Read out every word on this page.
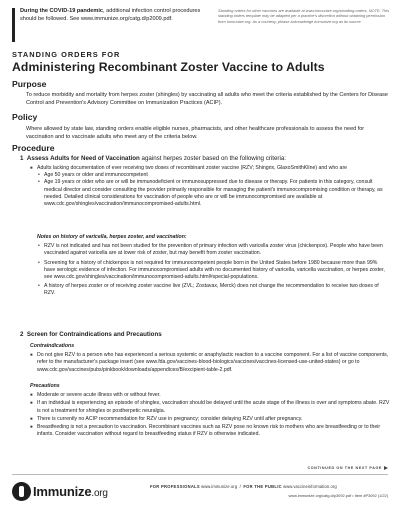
During the COVID-19 pandemic, additional infection control procedures should be followed. See www.immunize.org/catg.d/p2009.pdf.
Standing orders for other vaccines are available at www.immunize.org/standing-orders. NOTE: This standing orders template may be adapted per a practice's discretion without obtaining permission from Immunize.org. As a courtesy, please acknowledge Immunize.org as its source.
STANDING ORDERS FOR
Administering Recombinant Zoster Vaccine to Adults
Purpose
To reduce morbidity and mortality from herpes zoster (shingles) by vaccinating all adults who meet the criteria established by the Centers for Disease Control and Prevention's Advisory Committee on Immunization Practices (ACIP).
Policy
Where allowed by state law, standing orders enable eligible nurses, pharmacists, and other healthcare professionals to assess the need for vaccination and to vaccinate adults who meet any of the criteria below.
Procedure
1 Assess Adults for Need of Vaccination against herpes zoster based on the following criteria:
■ Adults lacking documentation of ever receiving two doses of recombinant zoster vaccine (RZV; Shingrix, GlaxoSmithKline) and who are
• Age 50 years or older and immunocompetent
• Age 19 years or older who are or will be immunodeficient or immunosuppressed due to disease or therapy. For patients in this category, consult medical director and consider consulting the provider primarily responsible for managing the patient's immunocompromising condition or therapy, as needed. Detailed clinical considerations for vaccination of people who are or will be immunocompromised are available at www.cdc.gov/shingles/vaccination/immunocompromised-adults.html.
Notes on history of varicella, herpes zoster, and vaccination:
• RZV is not indicated and has not been studied for the prevention of primary infection with varicella zoster virus (chickenpox). People who have been vaccinated against varicella are at lower risk of zoster, but may benefit from zoster vaccination.
• Screening for a history of chickenpox is not required for immunocompetent people born in the United States before 1980 because more than 99% have serologic evidence of infection. For immunocompromised adults with no documented history of varicella, varicella vaccination, or herpes zoster, see www.cdc.gov/shingles/vaccination/immunocompromised-adults.html#special-populations.
• A history of herpes zoster or of receiving zoster vaccine live (ZVL; Zostavax, Merck) does not change the recommendation to receive two doses of RZV.
2 Screen for Contraindications and Precautions
Contraindications
■ Do not give RZV to a person who has experienced a serious systemic or anaphylactic reaction to a vaccine component. For a list of vaccine components, refer to the manufacturer's package insert (see www.fda.gov/vaccines-blood-biologics/vaccines/vaccines-licensed-use-united-states) or go to www.cdc.gov/vaccines/pubs/pinkbook/downloads/appendices/B/excipient-table-2.pdf.
Precautions
■ Moderate or severe acute illness with or without fever.
■ If an individual is experiencing an episode of shingles, vaccination should be delayed until the acute stage of the illness is over and symptoms abate. RZV is not a treatment for shingles or postherpetic neuralgia.
■ There is currently no ACIP recommendation for RZV use in pregnancy; consider delaying RZV until after pregnancy.
■ Breastfeeding is not a precaution to vaccination. Recombinant vaccines such as RZV pose no known risk to mothers who are breastfeeding or to their infants. Consider vaccination without regard to breastfeeding status if RZV is otherwise indicated.
CONTINUED ON THE NEXT PAGE
Immunize.org
FOR PROFESSIONALS www.immunize.org / FOR THE PUBLIC www.vaccineinformation.org
www.immunize.org/catg.d/p3092.pdf • Item #P3092 (1/22)
